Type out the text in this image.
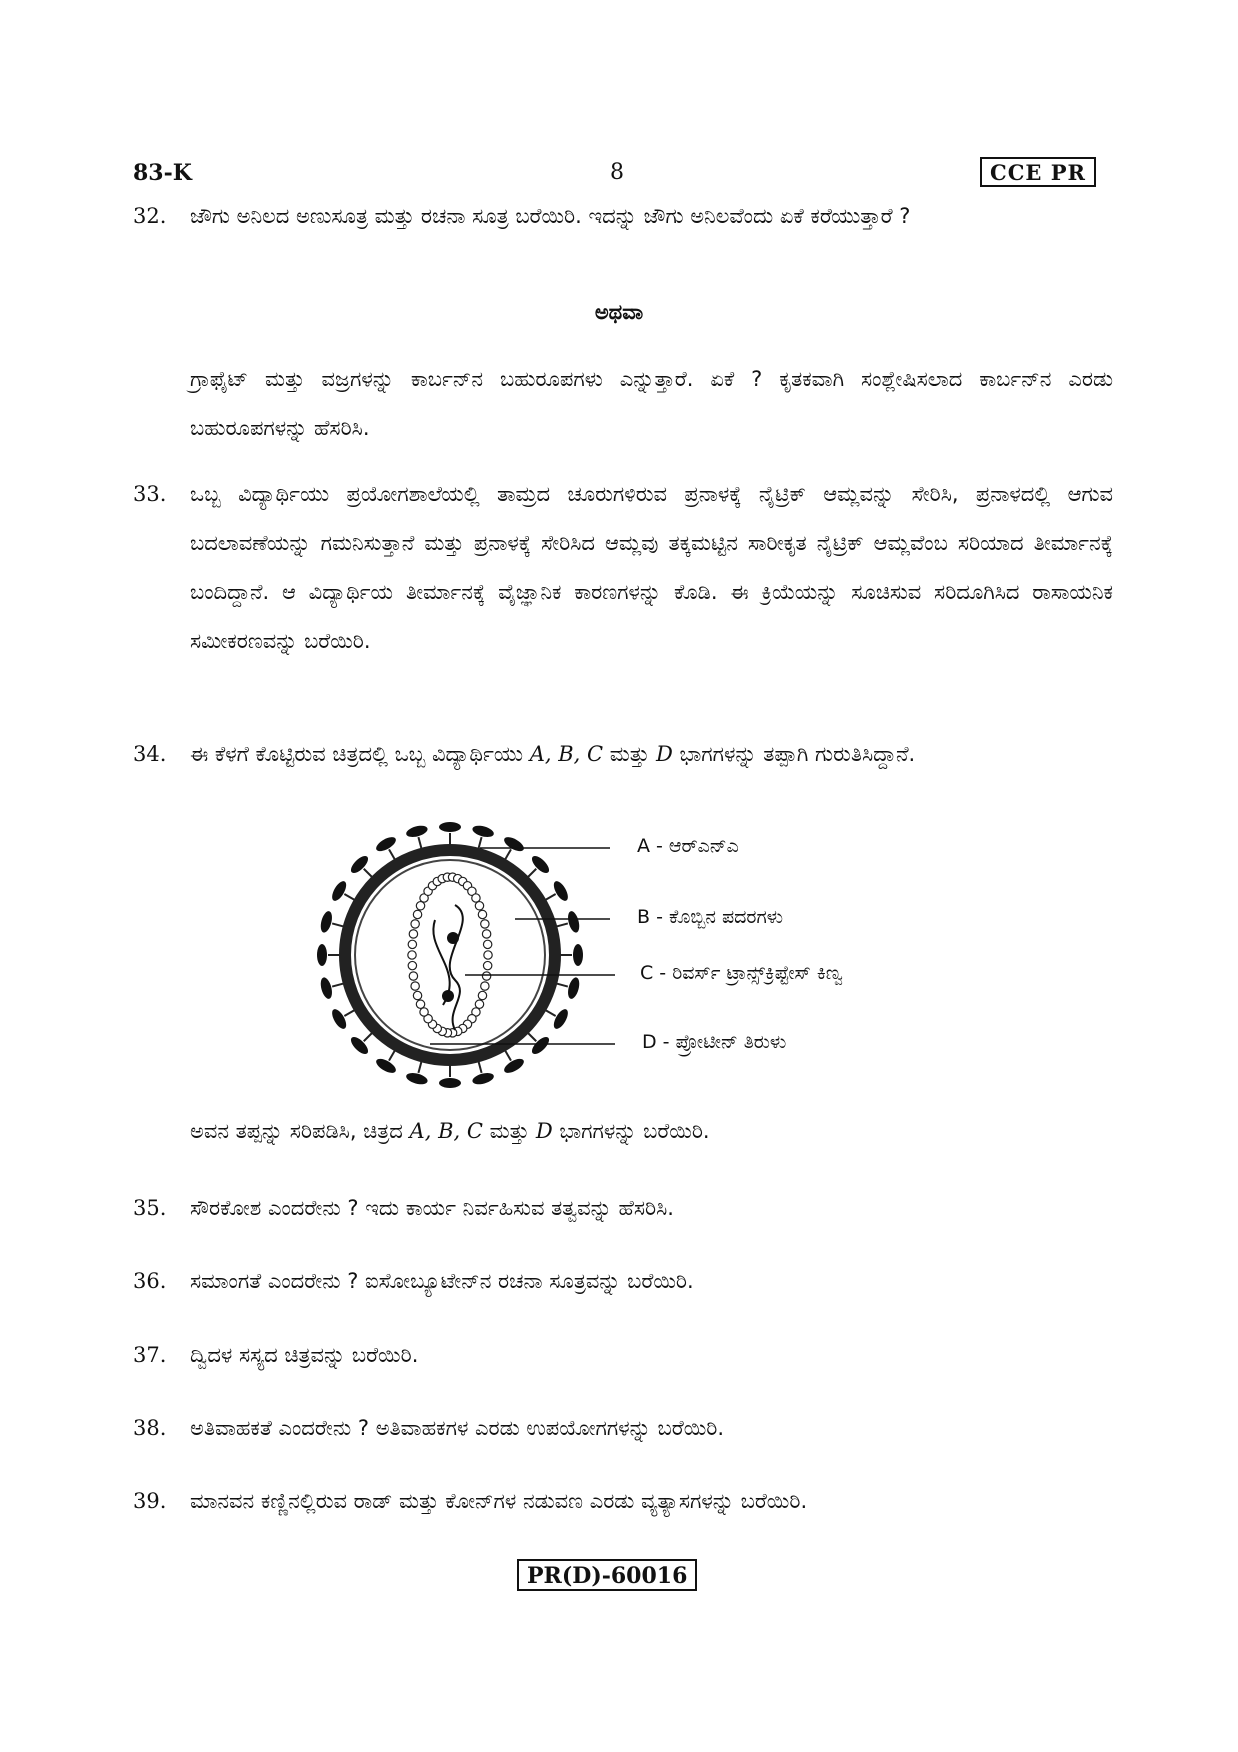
83-K	8	CCE PR
32. ಜೌಗು ಅನಿಲದ ಅಣುಸೂತ್ರ ಮತ್ತು ರಚನಾ ಸೂತ್ರ ಬರೆಯಿರಿ. ಇದನ್ನು ಜೌಗು ಅನಿಲವೆಂದು ಏಕೆ ಕರೆಯುತ್ತಾರೆ ?
ಅಥವಾ
ಗ್ರಾಫೈಟ್ ಮತ್ತು ವಜ್ರಗಳನ್ನು ಕಾರ್ಬನ್‌ನ ಬಹುರೂಪಗಳು ಎನ್ನುತ್ತಾರೆ. ಏಕೆ ? ಕೃತಕವಾಗಿ ಸಂಶ್ಲೇಷಿಸಲಾದ ಕಾರ್ಬನ್‌ನ ಎರಡು ಬಹುರೂಪಗಳನ್ನು ಹೆಸರಿಸಿ.
33. ಒಬ್ಬ ವಿದ್ಯಾರ್ಥಿಯು ಪ್ರಯೋಗಶಾಲೆಯಲ್ಲಿ ತಾಮ್ರದ ಚೂರುಗಳಿರುವ ಪ್ರನಾಳಕ್ಕೆ ನೈಟ್ರಿಕ್ ಆಮ್ಲವನ್ನು ಸೇರಿಸಿ, ಪ್ರನಾಳದಲ್ಲಿ ಆಗುವ ಬದಲಾವಣೆಯನ್ನು ಗಮನಿಸುತ್ತಾನೆ ಮತ್ತು ಪ್ರನಾಳಕ್ಕೆ ಸೇರಿಸಿದ ಆಮ್ಲವು ತಕ್ಕಮಟ್ಟಿನ ಸಾರೀಕೃತ ನೈಟ್ರಿಕ್ ಆಮ್ಲವೆಂಬ ಸರಿಯಾದ ತೀರ್ಮಾನಕ್ಕೆ ಬಂದಿದ್ದಾನೆ. ಆ ವಿದ್ಯಾರ್ಥಿಯ ತೀರ್ಮಾನಕ್ಕೆ ವೈಜ್ಞಾನಿಕ ಕಾರಣಗಳನ್ನು ಕೊಡಿ. ಈ ಕ್ರಿಯೆಯನ್ನು ಸೂಚಿಸುವ ಸರಿದೂಗಿಸಿದ ರಾಸಾಯನಿಕ ಸಮೀಕರಣವನ್ನು ಬರೆಯಿರಿ.
34. ಈ ಕೆಳಗೆ ಕೊಟ್ಟಿರುವ ಚಿತ್ರದಲ್ಲಿ ಒಬ್ಬ ವಿದ್ಯಾರ್ಥಿಯು A, B, C ಮತ್ತು D ಭಾಗಗಳನ್ನು ತಪ್ಪಾಗಿ ಗುರುತಿಸಿದ್ದಾನೆ.
A - ಆರ್‌ಎನ್‌ಎ
B - ಕೊಬ್ಬಿನ ಪದರಗಳು
C - ರಿವರ್ಸ್ ಟ್ರಾನ್ಸ್‌ಕ್ರಿಪ್ಟೇಸ್ ಕಿಣ್ವ
D - ಪ್ರೋಟೀನ್ ತಿರುಳು
ಅವನ ತಪ್ಪನ್ನು ಸರಿಪಡಿಸಿ, ಚಿತ್ರದ A, B, C ಮತ್ತು D ಭಾಗಗಳನ್ನು ಬರೆಯಿರಿ.
35. ಸೌರಕೋಶ ಎಂದರೇನು ? ಇದು ಕಾರ್ಯ ನಿರ್ವಹಿಸುವ ತತ್ವವನ್ನು ಹೆಸರಿಸಿ.
36. ಸಮಾಂಗತೆ ಎಂದರೇನು ? ಐಸೋಬ್ಯೂಟೇನ್‌ನ ರಚನಾ ಸೂತ್ರವನ್ನು ಬರೆಯಿರಿ.
37. ದ್ವಿದಳ ಸಸ್ಯದ ಚಿತ್ರವನ್ನು ಬರೆಯಿರಿ.
38. ಅತಿವಾಹಕತೆ ಎಂದರೇನು ? ಅತಿವಾಹಕಗಳ ಎರಡು ಉಪಯೋಗಗಳನ್ನು ಬರೆಯಿರಿ.
39. ಮಾನವನ ಕಣ್ಣಿನಲ್ಲಿರುವ ರಾಡ್ ಮತ್ತು ಕೋನ್‌ಗಳ ನಡುವಣ ಎರಡು ವ್ಯತ್ಯಾಸಗಳನ್ನು ಬರೆಯಿರಿ.
PR(D)-60016
